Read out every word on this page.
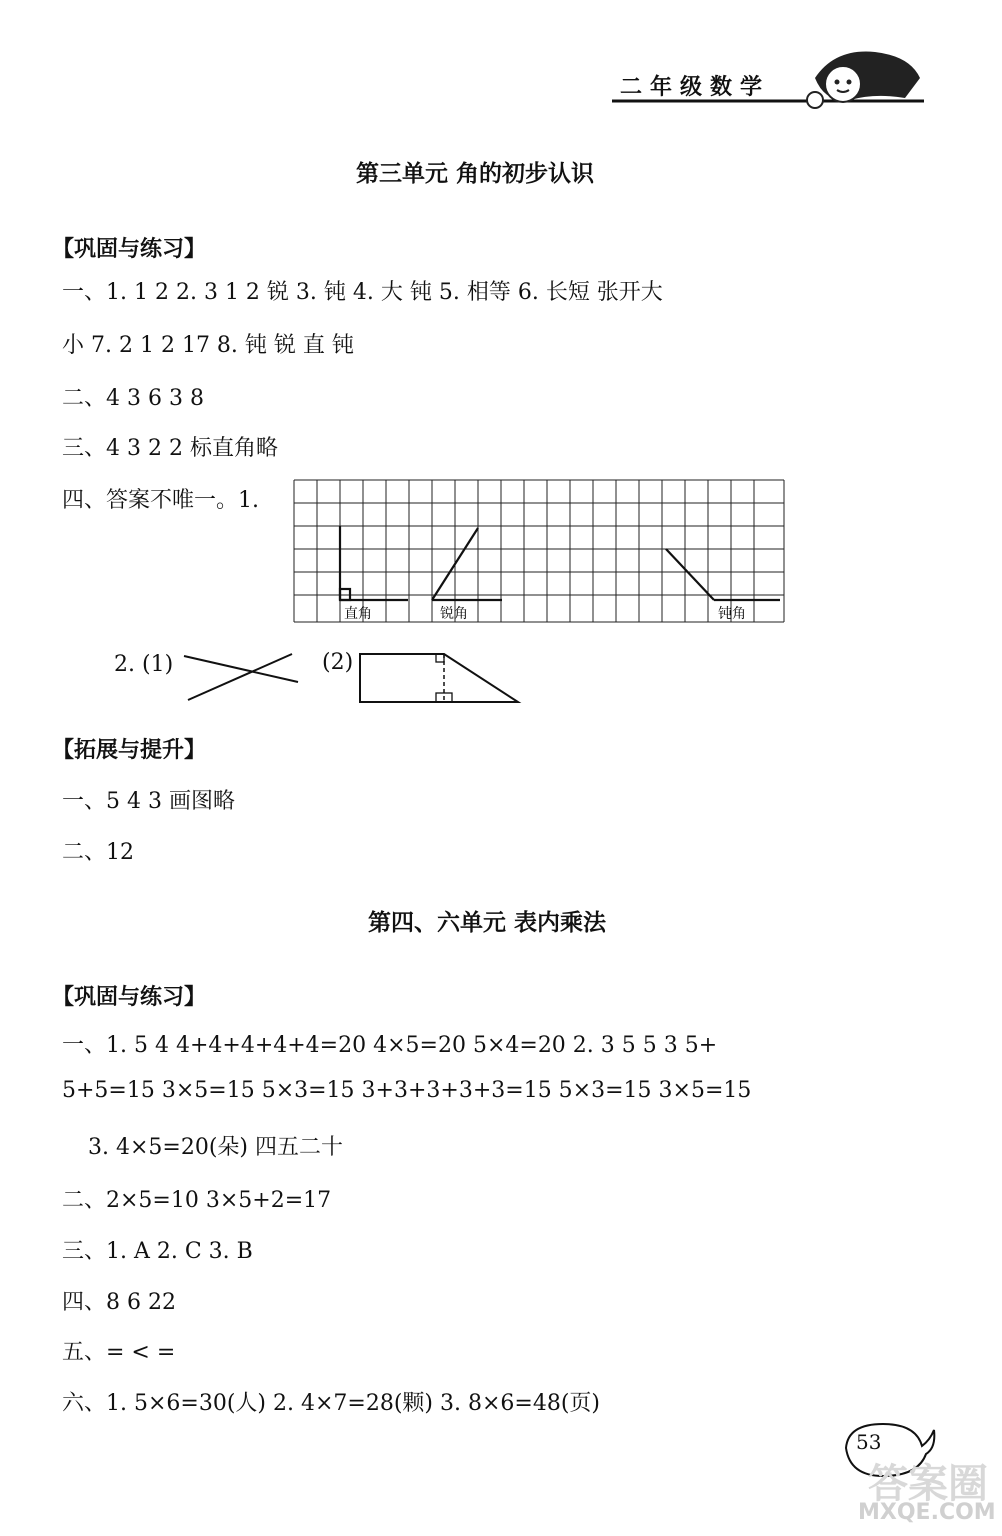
二年级数学
第三单元 角的初步认识
【巩固与练习】
一、1. 1 2 2. 3 1 2 锐 3. 钝 4. 大 钝 5. 相等 6. 长短 张开大
小 7. 2 1 2 17 8. 钝 锐 直 钝
二、4 3 6 3 8
三、4 3 2 2 标直角略
四、答案不唯一。1.
直角	锐角	钝角
2. (1)	(2)
【拓展与提升】
一、5 4 3 画图略
二、12
第四、六单元 表内乘法
【巩固与练习】
一、1. 5 4 4+4+4+4+4=20 4×5=20 5×4=20 2. 3 5 5 3 5+
5+5=15 3×5=15 5×3=15 3+3+3+3+3=15 5×3=15 3×5=15
3. 4×5=20(朵) 四五二十
二、2×5=10 3×5+2=17
三、1. A 2. C 3. B
四、8 6 22
五、= < =
六、1. 5×6=30(人) 2. 4×7=28(颗) 3. 8×6=48(页)
53
答案圈
MXQE.COM
